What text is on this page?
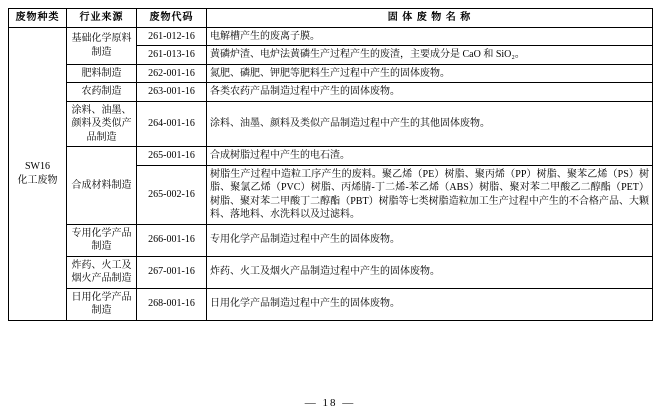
废物种类	行业来源	废物代码	固 体 废 物 名 称

SW16
化工废物	基础化学原料制造	261-012-16	电解槽产生的废离子膜。
		261-013-16	黄磷炉渣、电炉法黄磷生产过程产生的废渣，主要成分是 CaO 和 SiO₂。
	肥料制造	262-001-16	氮肥、磷肥、钾肥等肥料生产过程中产生的固体废物。
	农药制造	263-001-16	各类农药产品制造过程中产生的固体废物。
	涂料、油墨、颜料及类似产品制造	264-001-16	涂料、油墨、颜料及类似产品制造过程中产生的其他固体废物。
	合成材料制造	265-001-16	合成树脂过程中产生的电石渣。
		265-002-16	树脂生产过程中造粒工序产生的废料。聚乙烯（PE）树脂、聚丙烯（PP）树脂、聚苯乙烯（PS）树脂、聚氯乙烯（PVC）树脂、丙烯腈-丁二烯-苯乙烯（ABS）树脂、聚对苯二甲酸乙二醇酯（PET）树脂、聚对苯二甲酸丁二醇酯（PBT）树脂等七类树脂造粒加工生产过程中产生的不合格产品、大颗料、落地料、水洗料以及过滤料。
	专用化学产品制造	266-001-16	专用化学产品制造过程中产生的固体废物。
	炸药、火工及烟火产品制造	267-001-16	炸药、火工及烟火产品制造过程中产生的固体废物。
	日用化学产品制造	268-001-16	日用化学产品制造过程中产生的固体废物。
— 18 —
